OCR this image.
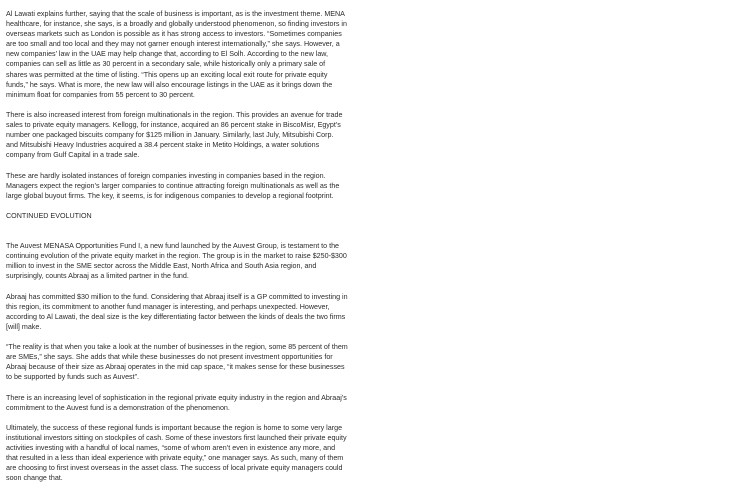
Al Lawati explains further, saying that the scale of business is important, as is the investment theme. MENA
healthcare, for instance, she says, is a broadly and globally understood phenomenon, so finding investors in
overseas markets such as London is possible as it has strong access to investors. “Sometimes companies
are too small and too local and they may not garner enough interest internationally,” she says. However, a
new companies’ law in the UAE may help change that, according to El Solh. According to the new law,
companies can sell as little as 30 percent in a secondary sale, while historically only a primary sale of
shares was permitted at the time of listing. “This opens up an exciting local exit route for private equity
funds,” he says. What is more, the new law will also encourage listings in the UAE as it brings down the
minimum float for companies from 55 percent to 30 percent.

There is also increased interest from foreign multinationals in the region. This provides an avenue for trade
sales to private equity managers. Kellogg, for instance, acquired an 86 percent stake in BiscoMisr, Egypt’s
number one packaged biscuits company for $125 million in January. Similarly, last July, Mitsubishi Corp.
and Mitsubishi Heavy Industries acquired a 38.4 percent stake in Metito Holdings, a water solutions
company from Gulf Capital in a trade sale.

These are hardly isolated instances of foreign companies investing in companies based in the region.
Managers expect the region’s larger companies to continue attracting foreign multinationals as well as the
large global buyout firms. The key, it seems, is for indigenous companies to develop a regional footprint.

CONTINUED EVOLUTION

The Auvest MENASA Opportunities Fund I, a new fund launched by the Auvest Group, is testament to the
continuing evolution of the private equity market in the region. The group is in the market to raise $250-$300
million to invest in the SME sector across the Middle East, North Africa and South Asia region, and
surprisingly, counts Abraaj as a limited partner in the fund.

Abraaj has committed $30 million to the fund. Considering that Abraaj itself is a GP committed to investing in
this region, its commitment to another fund manager is interesting, and perhaps unexpected. However,
according to Al Lawati, the deal size is the key differentiating factor between the kinds of deals the two firms
[will] make.

“The reality is that when you take a look at the number of businesses in the region, some 85 percent of them
are SMEs,” she says. She adds that while these businesses do not present investment opportunities for
Abraaj because of their size as Abraaj operates in the mid cap space, “it makes sense for these businesses
to be supported by funds such as Auvest”.

There is an increasing level of sophistication in the regional private equity industry in the region and Abraaj’s
commitment to the Auvest fund is a demonstration of the phenomenon.

Ultimately, the success of these regional funds is important because the region is home to some very large
institutional investors sitting on stockpiles of cash. Some of these investors first launched their private equity
activities investing with a handful of local names, “some of whom aren’t even in existence any more, and
that resulted in a less than ideal experience with private equity,” one manager says. As such, many of them
are choosing to first invest overseas in the asset class. The success of local private equity managers could
soon change that.
